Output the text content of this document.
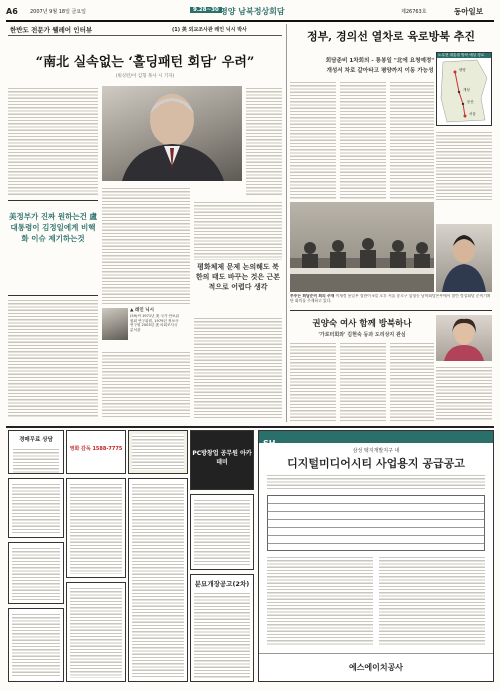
A6 2007년 9월 18일 금요일	9.28~30 평양 남북정상회담	제26763호	동아일보
한반도 전문가 웰레어 인터뷰	(1) 美 외교조사관 레인 닉시 박사
“南北 실속없는 ‘홀딩패턴 회담’ 우려”
(워싱턴/이 김형 목사 시 기자)
美정부가 진짜 원하는건 盧대통령이 김정일에게 비핵화 이슈 제기하는것
평화체제 문제 논의해도 북한의 태도 바꾸는 것은 근본적으로 어렵다 생각
▲ 레인 닉시
(59)씨 1971년 美 국가 안보위원회 연구위원, 1979년 정보사 연구원 2003년 美 의회조사국 분석관
정부, 경의선 열차로 육로방북 추진
회담준비 1차회의 - 통봉일 "北에 요청예정"
개성서 차로 갈아타고 평양까지 이동 가능성
노무현 대통령 방북 예상 경로
평양
개성
문산
서울
부푸는 회담준비 회의 주재 이재정 통일부 장관이 9일 오후 서울 종로구 삼청동 남북회담본부에서 열린 정상회담 준비기획단 회의를 주재하고 있다.
권양숙 여사 함께 방북하나
'가로터회와' 김현숙 등과 도리상지 관심
경매무료 상담
영화 감독 1588-7775

PC방창업 공무원 아카데미
분묘개장공고(2차)
SH
삼성 택지개발지구 내
디지털미디어시티 사업용지 공급공고
에스에이치공사
